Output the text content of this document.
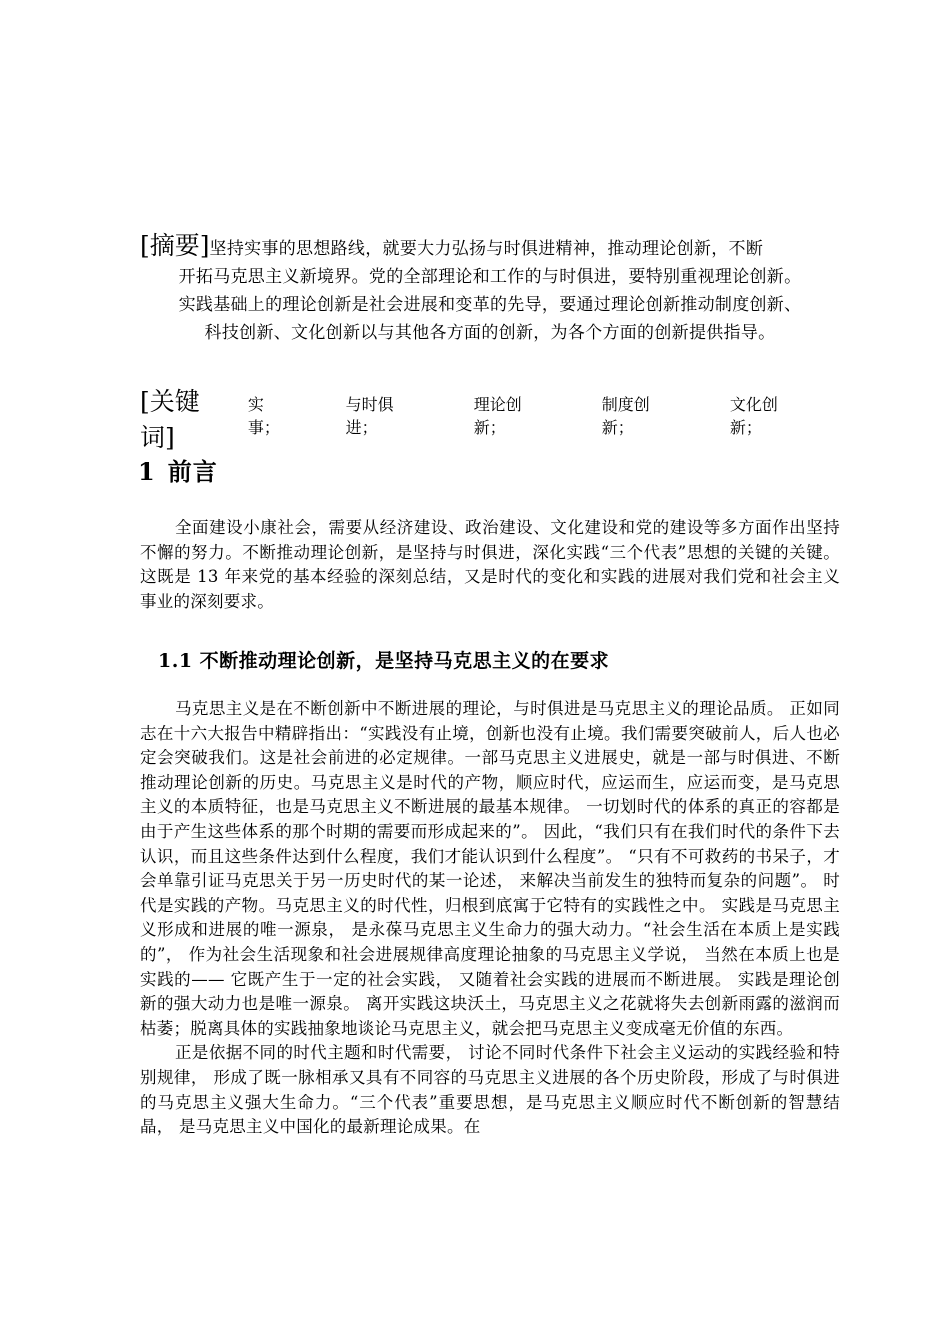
[摘要]坚持实事的思想路线，就要大力弘扬与时俱进精神，推动理论创新，不断

开拓马克思主义新境界。党的全部理论和工作的与时俱进，要特别重视理论创新。

实践基础上的理论创新是社会进展和变革的先导，要通过理论创新推动制度创新、

科技创新、文化创新以与其他各方面的创新，为各个方面的创新提供指导。

[关键词]
实事；
与时俱进；
理论创新；
制度创新；
文化创新；
1 前言

全面建设小康社会，需要从经济建设、政治建设、文化建设和党的建设等多方面作出坚持不懈的努力。不断推动理论创新，是坚持与时俱进，深化实践“三个代表”思想的关键的关键。这既是 13 年来党的基本经验的深刻总结，又是时代的变化和实践的进展对我们党和社会主义事业的深刻要求。

1.1 不断推动理论创新，是坚持马克思主义的在要求

马克思主义是在不断创新中不断进展的理论，与时俱进是马克思主义的理论品质。 正如同志在十六大报告中精辟指出：“实践没有止境，创新也没有止境。我们需要突破前人，后人也必定会突破我们。这是社会前进的必定规律。一部马克思主义进展史，就是一部与时俱进、不断推动理论创新的历史。马克思主义是时代的产物，顺应时代，应运而生，应运而变，是马克思主义的本质特征，也是马克思主义不断进展的最基本规律。 一切划时代的体系的真正的容都是由于产生这些体系的那个时期的需要而形成起来的”。 因此，“我们只有在我们时代的条件下去认识，而且这些条件达到什么程度，我们才能认识到什么程度”。 “只有不可救药的书呆子，才会单靠引证马克思关于另一历史时代的某一论述， 来解决当前发生的独特而复杂的问题”。 时代是实践的产物。马克思主义的时代性，归根到底寓于它特有的实践性之中。 实践是马克思主义形成和进展的唯一源泉， 是永葆马克思主义生命力的强大动力。“社会生活在本质上是实践的”， 作为社会生活现象和社会进展规律高度理论抽象的马克思主义学说， 当然在本质上也是实践的—— 它既产生于一定的社会实践， 又随着社会实践的进展而不断进展。 实践是理论创新的强大动力也是唯一源泉。 离开实践这块沃土，马克思主义之花就将失去创新雨露的滋润而枯萎；脱离具体的实践抽象地谈论马克思主义，就会把马克思主义变成毫无价值的东西。

正是依据不同的时代主题和时代需要， 讨论不同时代条件下社会主义运动的实践经验和特别规律， 形成了既一脉相承又具有不同容的马克思主义进展的各个历史阶段，形成了与时俱进的马克思主义强大生命力。“三个代表”重要思想，是马克思主义顺应时代不断创新的智慧结晶， 是马克思主义中国化的最新理论成果。在
